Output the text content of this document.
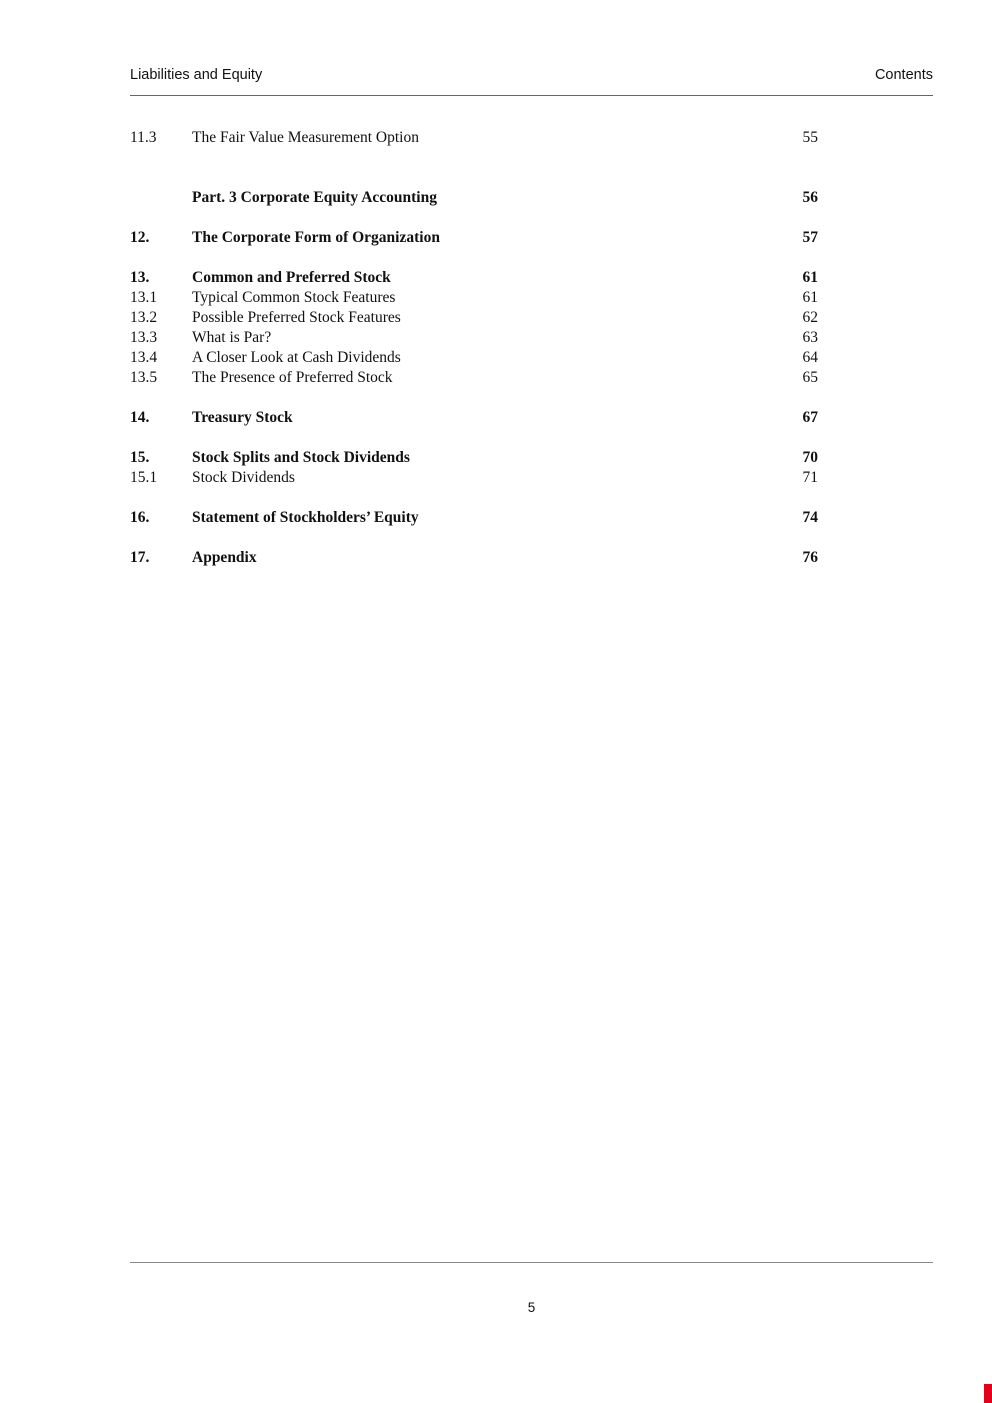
Liabilities and Equity	Contents
11.3	The Fair Value Measurement Option	55
Part. 3 Corporate Equity Accounting	56
12.	The Corporate Form of Organization	57
13.	Common and Preferred Stock	61
13.1	Typical Common Stock Features	61
13.2	Possible Preferred Stock Features	62
13.3	What is Par?	63
13.4	A Closer Look at Cash Dividends	64
13.5	The Presence of Preferred Stock	65
14.	Treasury Stock	67
15.	Stock Splits and Stock Dividends	70
15.1	Stock Dividends	71
16.	Statement of Stockholders’ Equity	74
17.	Appendix	76
5
